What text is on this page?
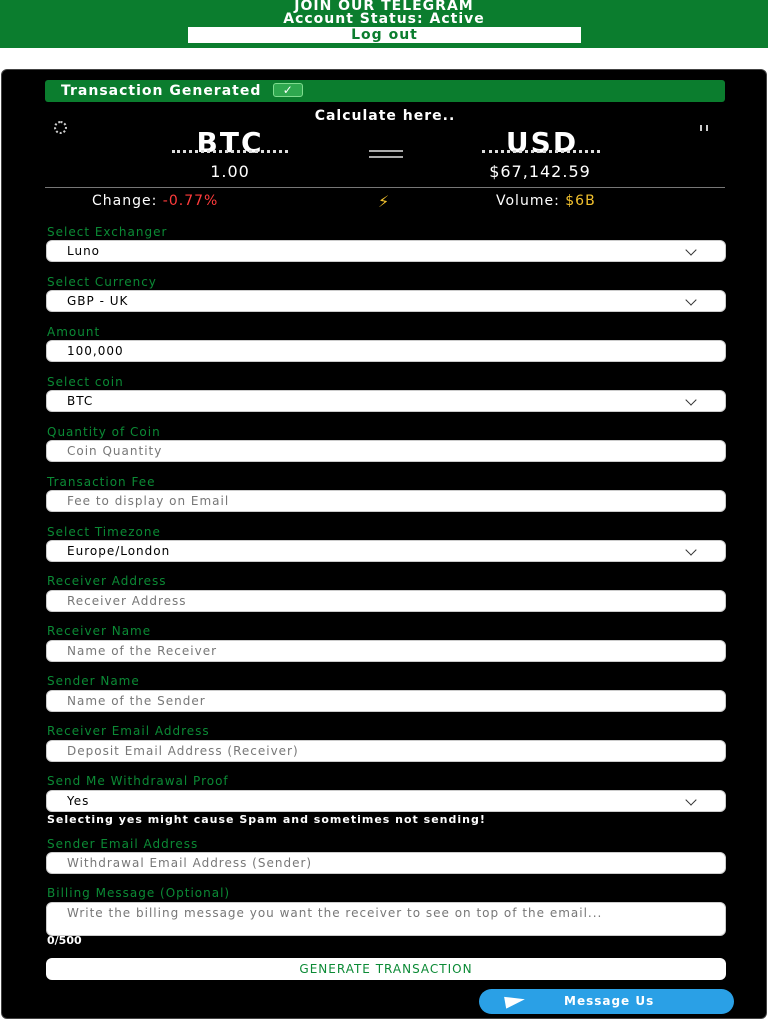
JOIN OUR TELEGRAM
Account Status: Active
Log out
Transaction Generated ✓
Calculate here..
BTC	USD
1.00	$67,142.59
Change: -0.77%	⚡	Volume: $6B
Select Exchanger
Luno
Select Currency
GBP - UK
Amount
100,000
Select coin
BTC
Quantity of Coin
Coin Quantity
Transaction Fee
Fee to display on Email
Select Timezone
Europe/London
Receiver Address
Receiver Address
Receiver Name
Name of the Receiver
Sender Name
Name of the Sender
Receiver Email Address
Deposit Email Address (Receiver)
Send Me Withdrawal Proof
Yes
Selecting yes might cause Spam and sometimes not sending!
Sender Email Address
Withdrawal Email Address (Sender)
Billing Message (Optional)
Write the billing message you want the receiver to see on top of the email...
0/500
GENERATE TRANSACTION
Message Us
